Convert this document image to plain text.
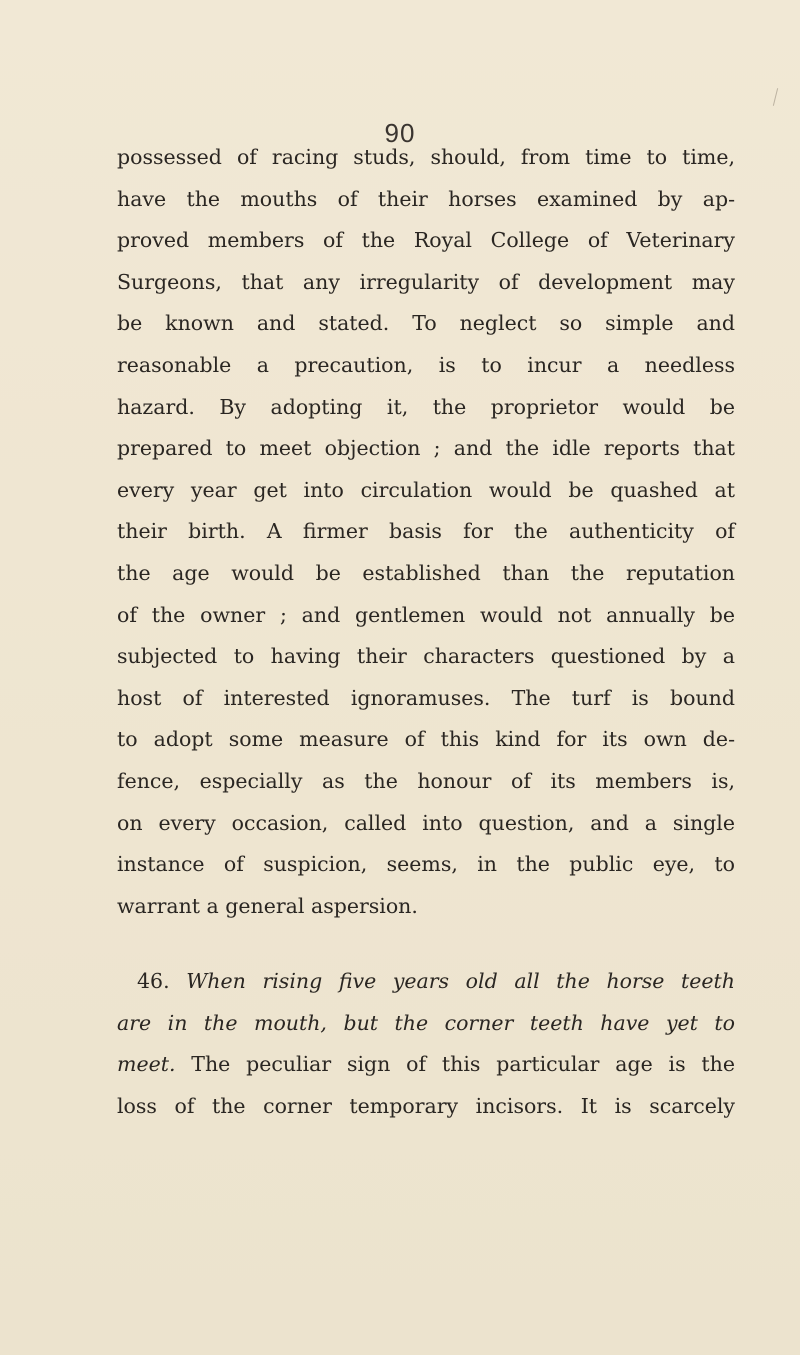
90
possessed of racing studs, should, from time to time,
have the mouths of their horses examined by ap-
proved members of the Royal College of Veterinary
Surgeons, that any irregularity of development may
be known and stated. To neglect so simple and
reasonable a precaution, is to incur a needless
hazard. By adopting it, the proprietor would be
prepared to meet objection ; and the idle reports that
every year get into circulation would be quashed at
their birth. A firmer basis for the authenticity of
the age would be established than the reputation
of the owner ; and gentlemen would not annually be
subjected to having their characters questioned by a
host of interested ignoramuses. The turf is bound
to adopt some measure of this kind for its own de-
fence, especially as the honour of its members is,
on every occasion, called into question, and a single
instance of suspicion, seems, in the public eye, to
warrant a general aspersion.
46. When rising five years old all the horse teeth
are in the mouth, but the corner teeth have yet to
meet. The peculiar sign of this particular age is the
loss of the corner temporary incisors. It is scarcely
